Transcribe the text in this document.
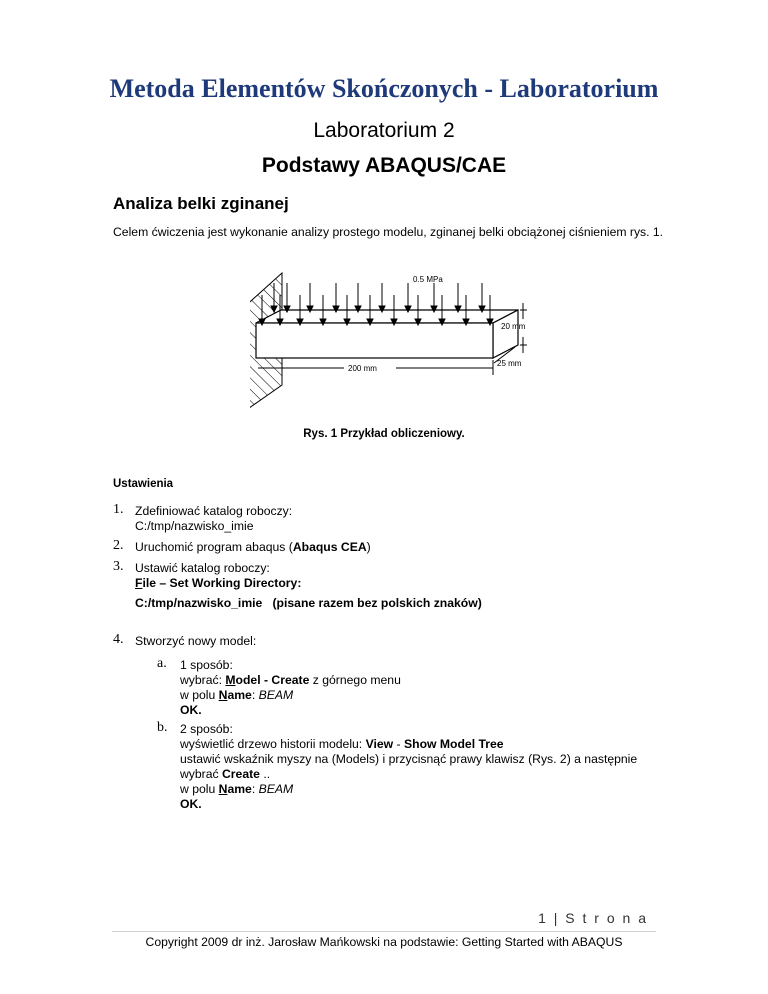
Metoda Elementów Skończonych - Laboratorium
Laboratorium 2
Podstawy ABAQUS/CAE
Analiza belki zginanej
Celem ćwiczenia jest wykonanie analizy prostego modelu, zginanej belki obciążonej ciśnieniem rys. 1.
0.5 MPa
20 mm
200 mm
25 mm
Rys. 1 Przykład obliczeniowy.
Ustawienia
1. Zdefiniować katalog roboczy:
C:/tmp/nazwisko_imie
2. Uruchomić program abaqus (Abaqus CEA)
3. Ustawić katalog roboczy:
File – Set Working Directory:
C:/tmp/nazwisko_imie (pisane razem bez polskich znaków)
4. Stworzyć nowy model:
a. 1 sposób:
wybrać: Model - Create z górnego menu
w polu Name: BEAM
OK.
b. 2 sposób:
wyświetlić drzewo historii modelu: View - Show Model Tree
ustawić wskaźnik myszy na (Models) i przycisnąć prawy klawisz (Rys. 2) a następnie
wybrać Create ..
w polu Name: BEAM
OK.
1 | S t r o n a
Copyright 2009 dr inż. Jarosław Mańkowski na podstawie: Getting Started with ABAQUS
